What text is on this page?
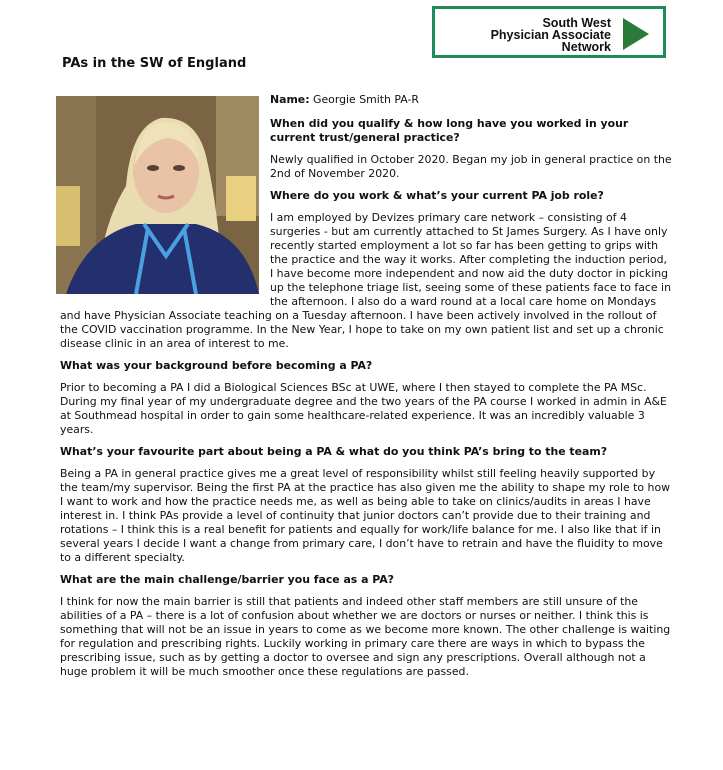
South West
Physician Associate
Network
PAs in the SW of England

Name: Georgie Smith PA-R

When did you qualify & how long have you worked in your current trust/general practice?

Newly qualified in October 2020. Began my job in general practice on the 2nd of November 2020.

Where do you work & what’s your current PA job role?

I am employed by Devizes primary care network – consisting of 4 surgeries - but am currently attached to St James Surgery. As I have only recently started employment a lot so far has been getting to grips with the practice and the way it works. After completing the induction period, I have become more independent and now aid the duty doctor in picking up the telephone triage list, seeing some of these patients face to face in the afternoon. I also do a ward round at a local care home on Mondays and have Physician Associate teaching on a Tuesday afternoon. I have been actively involved in the rollout of the COVID vaccination programme. In the New Year, I hope to take on my own patient list and set up a chronic disease clinic in an area of interest to me.

What was your background before becoming a PA?

Prior to becoming a PA I did a Biological Sciences BSc at UWE, where I then stayed to complete the PA MSc. During my final year of my undergraduate degree and the two years of the PA course I worked in admin in A&E at Southmead hospital in order to gain some healthcare-related experience. It was an incredibly valuable 3 years.

What’s your favourite part about being a PA & what do you think PA’s bring to the team?

Being a PA in general practice gives me a great level of responsibility whilst still feeling heavily supported by the team/my supervisor. Being the first PA at the practice has also given me the ability to shape my role to how I want to work and how the practice needs me, as well as being able to take on clinics/audits in areas I have interest in. I think PAs provide a level of continuity that junior doctors can’t provide due to their training and rotations – I think this is a real benefit for patients and equally for work/life balance for me. I also like that if in several years I decide I want a change from primary care, I don’t have to retrain and have the fluidity to move to a different specialty.

What are the main challenge/barrier you face as a PA?

I think for now the main barrier is still that patients and indeed other staff members are still unsure of the abilities of a PA – there is a lot of confusion about whether we are doctors or nurses or neither. I think this is something that will not be an issue in years to come as we become more known. The other challenge is waiting for regulation and prescribing rights. Luckily working in primary care there are ways in which to bypass the prescribing issue, such as by getting a doctor to oversee and sign any prescriptions. Overall although not a huge problem it will be much smoother once these regulations are passed.
